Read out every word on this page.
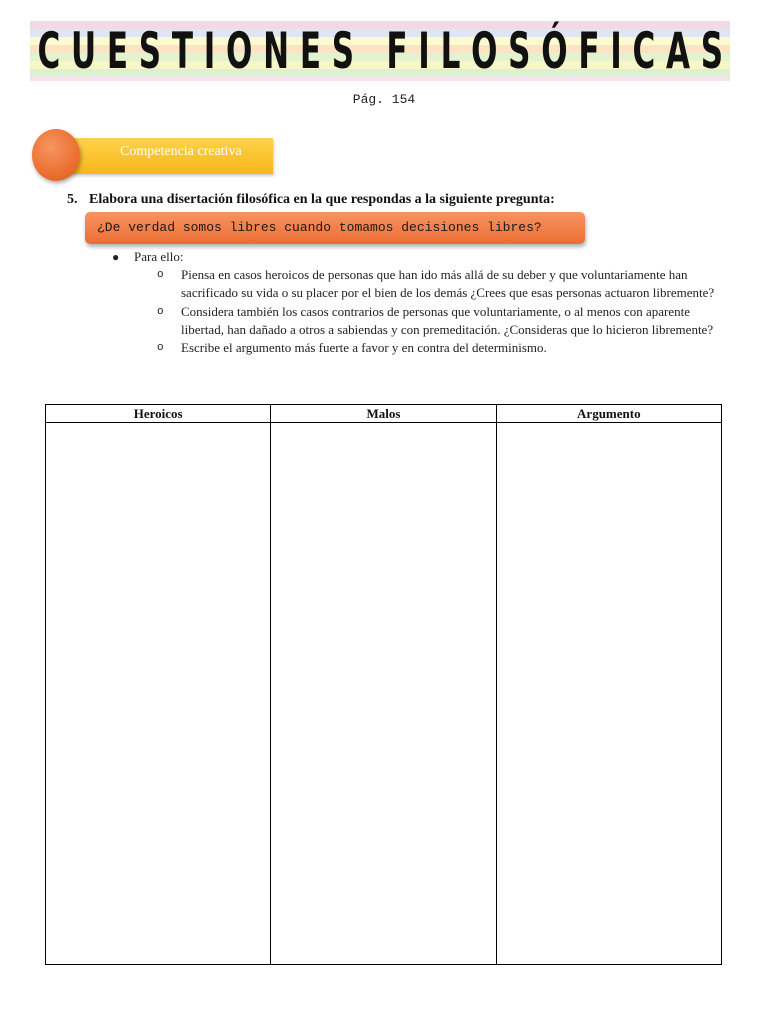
C U E S T I O N E S
F I L O S Ó F I C A S
Pág. 154
Competencia creativa
5. Elabora una disertación filosófica en la que respondas a la siguiente pregunta:
¿De verdad somos libres cuando tomamos decisiones libres?
● Para ello:
o	Piensa en casos heroicos de personas que han ido más allá de su deber y que voluntariamente han sacrificado su vida o su placer por el bien de los demás ¿Crees que esas personas actuaron libremente?
o	Considera también los casos contrarios de personas que voluntariamente, o al menos con aparente libertad, han dañado a otros a sabiendas y con premeditación. ¿Consideras que lo hicieron libremente?
o	Escribe el argumento más fuerte a favor y en contra del determinismo.
Heroicos	Malos	Argumento
